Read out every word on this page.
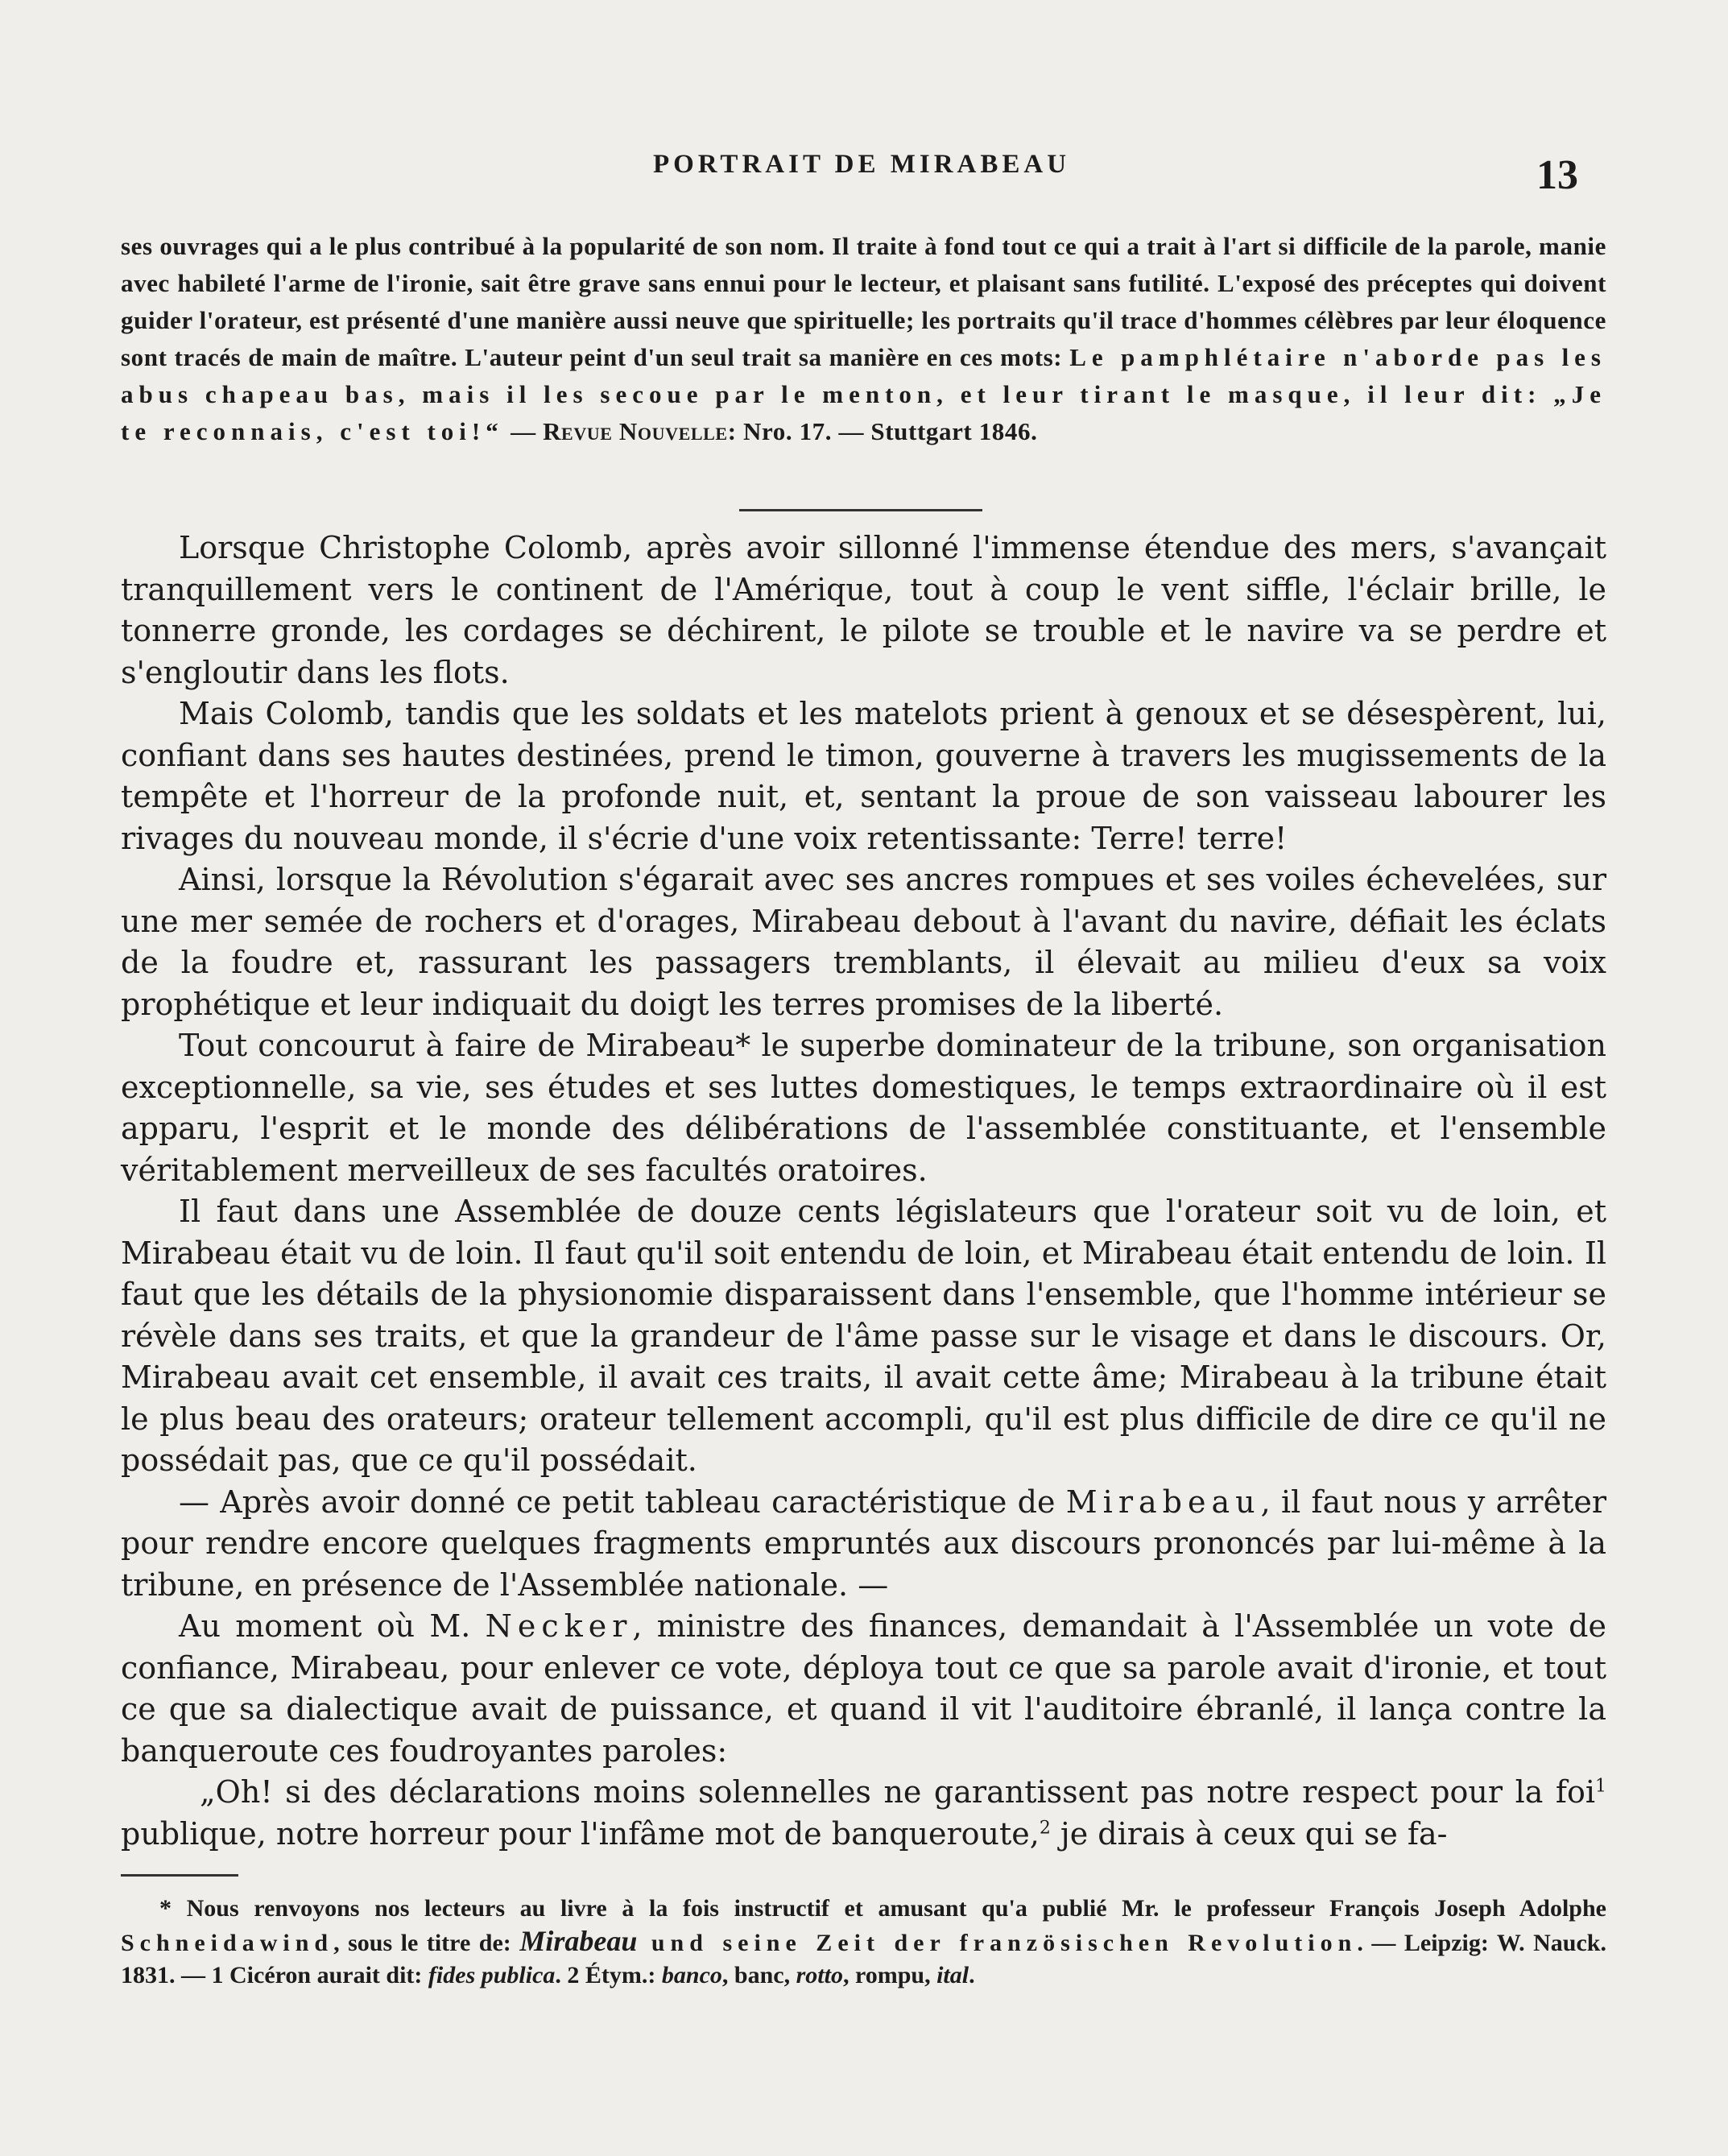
PORTRAIT DE MIRABEAU	13
ses ouvrages qui a le plus contribué à la popularité de son nom. Il traite à fond tout ce qui a trait à l'art si difficile de la parole, manie avec habileté l'arme de l'ironie, sait être grave sans ennui pour le lecteur, et plaisant sans futilité. L'exposé des préceptes qui doivent guider l'orateur, est présenté d'une manière aussi neuve que spirituelle; les portraits qu'il trace d'hommes célèbres par leur éloquence sont tracés de main de maître. L'auteur peint d'un seul trait sa manière en ces mots: Le pamphlétaire n'aborde pas les abus chapeau bas, mais il les secoue par le menton, et leur tirant le masque, il leur dit: „Je te reconnais, c'est toi!“ — Revue Nouvelle: Nro. 17. — Stuttgart 1846.

Lorsque Christophe Colomb, après avoir sillonné l'immense étendue des mers, s'avançait tranquillement vers le continent de l'Amérique, tout à coup le vent siffle, l'éclair brille, le tonnerre gronde, les cordages se déchirent, le pilote se trouble et le navire va se perdre et s'engloutir dans les flots.

Mais Colomb, tandis que les soldats et les matelots prient à genoux et se désespèrent, lui, confiant dans ses hautes destinées, prend le timon, gouverne à travers les mugissements de la tempête et l'horreur de la profonde nuit, et, sentant la proue de son vaisseau labourer les rivages du nouveau monde, il s'écrie d'une voix retentissante: Terre! terre!

Ainsi, lorsque la Révolution s'égarait avec ses ancres rompues et ses voiles échevelées, sur une mer semée de rochers et d'orages, Mirabeau debout à l'avant du navire, défiait les éclats de la foudre et, rassurant les passagers tremblants, il élevait au milieu d'eux sa voix prophétique et leur indiquait du doigt les terres promises de la liberté.

Tout concourut à faire de Mirabeau* le superbe dominateur de la tribune, son organisation exceptionnelle, sa vie, ses études et ses luttes domestiques, le temps extraordinaire où il est apparu, l'esprit et le monde des délibérations de l'assemblée constituante, et l'ensemble véritablement merveilleux de ses facultés oratoires.

Il faut dans une Assemblée de douze cents législateurs que l'orateur soit vu de loin, et Mirabeau était vu de loin. Il faut qu'il soit entendu de loin, et Mirabeau était entendu de loin. Il faut que les détails de la physionomie disparaissent dans l'ensemble, que l'homme intérieur se révèle dans ses traits, et que la grandeur de l'âme passe sur le visage et dans le discours. Or, Mirabeau avait cet ensemble, il avait ces traits, il avait cette âme; Mirabeau à la tribune était le plus beau des orateurs; orateur tellement accompli, qu'il est plus difficile de dire ce qu'il ne possédait pas, que ce qu'il possédait.

— Après avoir donné ce petit tableau caractéristique de Mirabeau, il faut nous y arrêter pour rendre encore quelques fragments empruntés aux discours prononcés par lui-même à la tribune, en présence de l'Assemblée nationale. —

Au moment où M. Necker, ministre des finances, demandait à l'Assemblée un vote de confiance, Mirabeau, pour enlever ce vote, déploya tout ce que sa parole avait d'ironie, et tout ce que sa dialectique avait de puissance, et quand il vit l'auditoire ébranlé, il lança contre la banqueroute ces foudroyantes paroles:

„Oh! si des déclarations moins solennelles ne garantissent pas notre respect pour la foi$^1$ publique, notre horreur pour l'infâme mot de banqueroute,$^2$ je dirais à ceux qui se fa-

* Nous renvoyons nos lecteurs au livre à la fois instructif et amusant qu'a publié Mr. le professeur François Joseph Adolphe Schneidawind, sous le titre de: Mirabeau und seine Zeit der französischen Revolution. — Leipzig: W. Nauck. 1831. — 1 Cicéron aurait dit: fides publica. 2 Étym.: banco, banc, rotto, rompu, ital.
